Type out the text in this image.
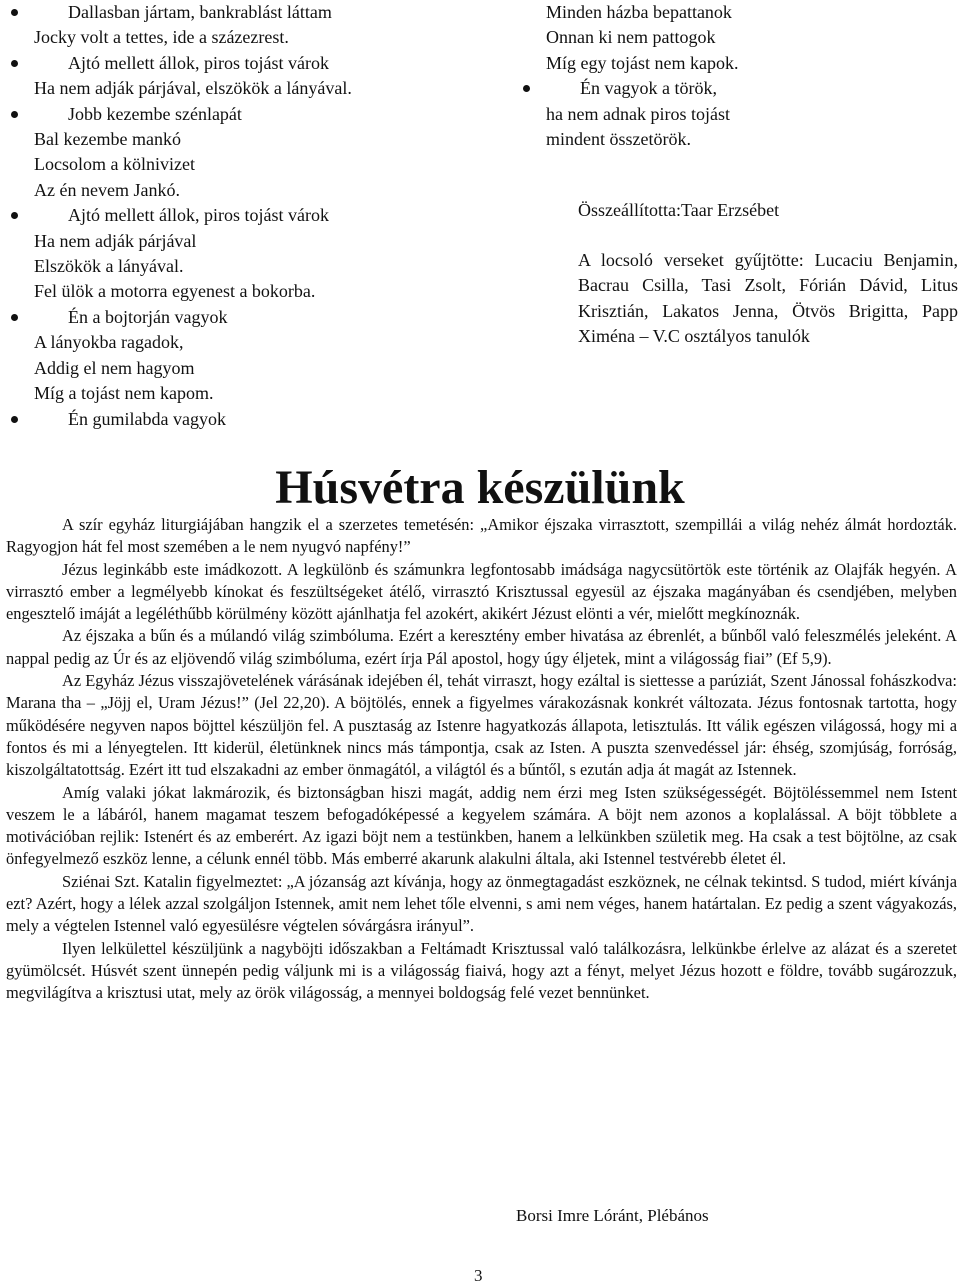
Dallasban jártam, bankrablást láttam
Jocky volt a tettes, ide a százezrest.
Ajtó mellett állok, piros tojást várok
Ha nem adják párjával, elszökök a lányával.
Jobb kezembe szénlapát
Bal kezembe mankó
Locsolom a kölnivizet
Az én nevem Jankó.
Ajtó mellett állok, piros tojást várok
Ha nem adják párjával
Elszökök a lányával.
Fel ülök a motorra egyenest a bokorba.
Én a bojtorján vagyok
A lányokba ragadok,
Addig el nem hagyom
Míg a tojást nem kapom.
Én gumilabda vagyok
Minden házba bepattanok
Onnan ki nem pattogok
Míg egy tojást nem kapok.
Én vagyok a török,
ha nem adnak piros tojást
mindent összetörök.
Összeállította:Taar Erzsébet
A locsoló verseket gyűjtötte: Lucaciu Benjamin, Bacrau Csilla, Tasi Zsolt, Fórián Dávid, Litus Krisztián, Lakatos Jenna, Ötvös Brigitta, Papp Xiména – V.C osztályos tanulók
Húsvétra készülünk

A szír egyház liturgiájában hangzik el a szerzetes temetésén: „Amikor éjszaka virrasztott, szempillái a világ nehéz álmát hordozták. Ragyogjon hát fel most szemében a le nem nyugvó napfény!”

Jézus leginkább este imádkozott. A legkülönb és számunkra legfontosabb imádsága nagycsütörtök este történik az Olajfák hegyén. A virrasztó ember a legmélyebb kínokat és feszültségeket átélő, virrasztó Krisztussal egyesül az éjszaka magányában és csendjében, melyben engesztelő imáját a legéléthűbb körülmény között ajánlhatja fel azokért, akikért Jézust elönti a vér, mielőtt megkínoznák.

Az éjszaka a bűn és a múlandó világ szimbóluma. Ezért a keresztény ember hivatása az ébrenlét, a bűnből való feleszmélés jeleként. A nappal pedig az Úr és az eljövendő világ szimbóluma, ezért írja Pál apostol, hogy úgy éljetek, mint a világosság fiai” (Ef 5,9).

Az Egyház Jézus visszajövetelének várásának idejében él, tehát virraszt, hogy ezáltal is siettesse a parúziát, Szent Jánossal fohászkodva: Marana tha – „Jöjj el, Uram Jézus!” (Jel 22,20). A böjtölés, ennek a figyelmes várakozásnak konkrét változata. Jézus fontosnak tartotta, hogy működésére negyven napos böjttel készüljön fel. A pusztaság az Istenre hagyatkozás állapota, letisztulás. Itt válik egészen világossá, hogy mi a fontos és mi a lényegtelen. Itt kiderül, életünknek nincs más támpontja, csak az Isten. A puszta szenvedéssel jár: éhség, szomjúság, forróság, kiszolgáltatottság. Ezért itt tud elszakadni az ember önmagától, a világtól és a bűntől, s ezután adja át magát az Istennek.

Amíg valaki jókat lakmározik, és biztonságban hiszi magát, addig nem érzi meg Isten szükségességét. Böjtöléssemmel nem Istent veszem le a lábáról, hanem magamat teszem befogadóképessé a kegyelem számára. A böjt nem azonos a koplalással. A böjt többlete a motivációban rejlik: Istenért és az emberért. Az igazi böjt nem a testünkben, hanem a lelkünkben születik meg. Ha csak a test böjtölne, az csak önfegyelmező eszköz lenne, a célunk ennél több. Más emberré akarunk alakulni általa, aki Istennel testvérebb életet él.

Sziénai Szt. Katalin figyelmeztet: „A józanság azt kívánja, hogy az önmegtagadást eszköznek, ne célnak tekintsd. S tudod, miért kívánja ezt? Azért, hogy a lélek azzal szolgáljon Istennek, amit nem lehet tőle elvenni, s ami nem véges, hanem határtalan. Ez pedig a szent vágyakozás, mely a végtelen Istennel való egyesülésre végtelen sóvárgásra irányul”.

Ilyen lelkülettel készüljünk a nagyböjti időszakban a Feltámadt Krisztussal való találkozásra, lelkünkbe érlelve az alázat és a szeretet gyümölcsét. Húsvét szent ünnepén pedig váljunk mi is a világosság fiaivá, hogy azt a fényt, melyet Jézus hozott e földre, tovább sugározzuk, megvilágítva a krisztusi utat, mely az örök világosság, a mennyei boldogság felé vezet bennünket.

Borsi Imre Lóránt, Plébános
3
